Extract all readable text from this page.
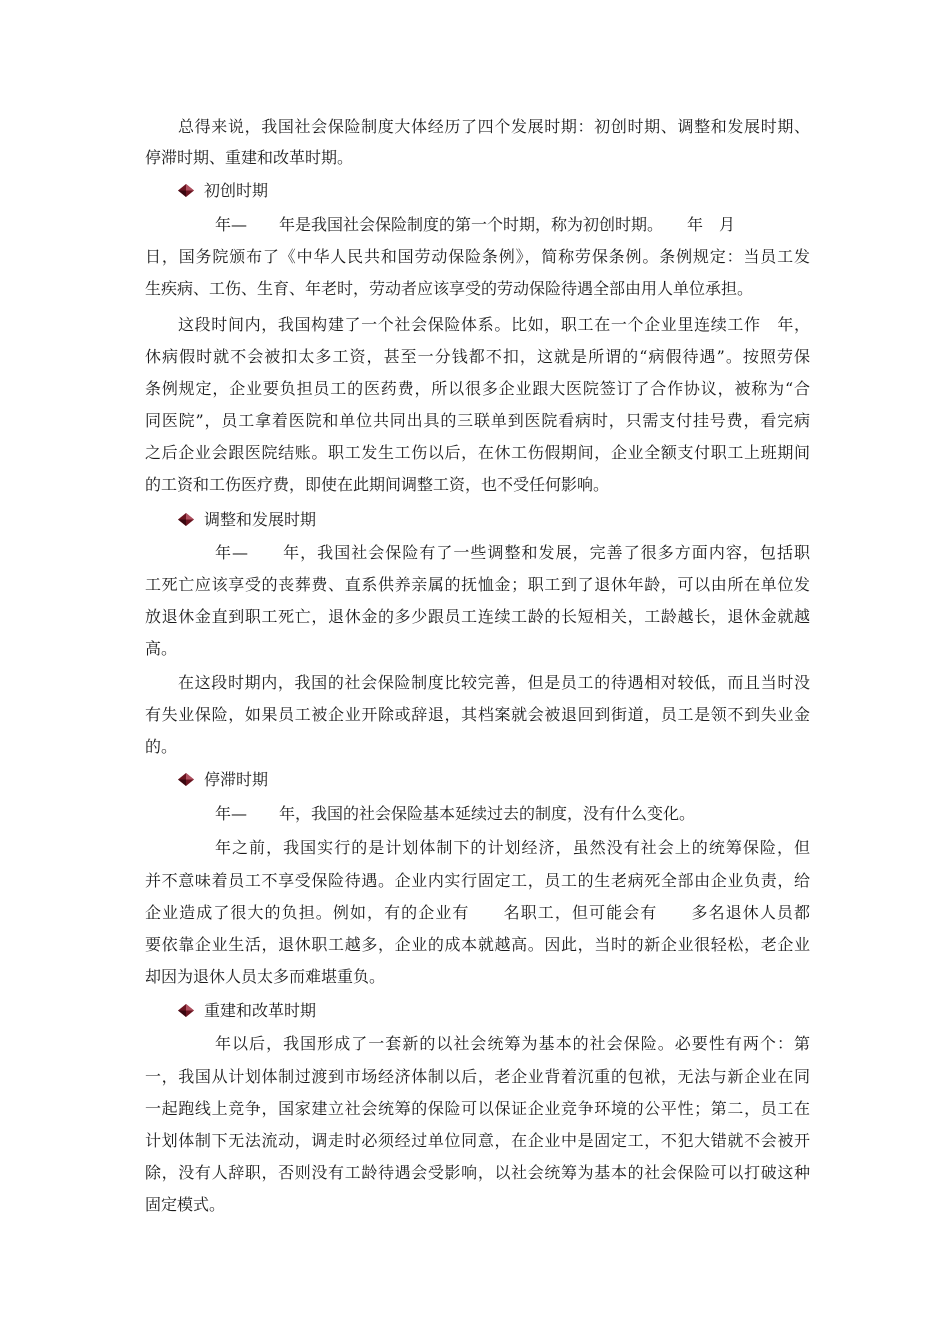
总得来说，我国社会保险制度大体经历了四个发展时期：初创时期、调整和发展时期、
停滞时期、重建和改革时期。
初创时期
年—　　年是我国社会保险制度的第一个时期，称为初创时期。　　年　月
日，国务院颁布了《中华人民共和国劳动保险条例》，简称劳保条例。条例规定：当员工发
生疾病、工伤、生育、年老时，劳动者应该享受的劳动保险待遇全部由用人单位承担。
这段时间内，我国构建了一个社会保险体系。比如，职工在一个企业里连续工作　年，
休病假时就不会被扣太多工资，甚至一分钱都不扣，这就是所谓的“病假待遇”。按照劳保
条例规定，企业要负担员工的医药费，所以很多企业跟大医院签订了合作协议，被称为“合
同医院”，员工拿着医院和单位共同出具的三联单到医院看病时，只需支付挂号费，看完病
之后企业会跟医院结账。职工发生工伤以后，在休工伤假期间，企业全额支付职工上班期间
的工资和工伤医疗费，即使在此期间调整工资，也不受任何影响。
调整和发展时期
年—　　年，我国社会保险有了一些调整和发展，完善了很多方面内容，包括职
工死亡应该享受的丧葬费、直系供养亲属的抚恤金；职工到了退休年龄，可以由所在单位发
放退休金直到职工死亡，退休金的多少跟员工连续工龄的长短相关，工龄越长，退休金就越
高。
在这段时期内，我国的社会保险制度比较完善，但是员工的待遇相对较低，而且当时没
有失业保险，如果员工被企业开除或辞退，其档案就会被退回到街道，员工是领不到失业金
的。
停滞时期
年—　　年，我国的社会保险基本延续过去的制度，没有什么变化。
年之前，我国实行的是计划体制下的计划经济，虽然没有社会上的统筹保险，但
并不意味着员工不享受保险待遇。企业内实行固定工，员工的生老病死全部由企业负责，给
企业造成了很大的负担。例如，有的企业有　　名职工，但可能会有　　多名退休人员都
要依靠企业生活，退休职工越多，企业的成本就越高。因此，当时的新企业很轻松，老企业
却因为退休人员太多而难堪重负。
重建和改革时期
年以后，我国形成了一套新的以社会统筹为基本的社会保险。必要性有两个：第
一，我国从计划体制过渡到市场经济体制以后，老企业背着沉重的包袱，无法与新企业在同
一起跑线上竞争，国家建立社会统筹的保险可以保证企业竞争环境的公平性；第二，员工在
计划体制下无法流动，调走时必须经过单位同意，在企业中是固定工，不犯大错就不会被开
除，没有人辞职，否则没有工龄待遇会受影响，以社会统筹为基本的社会保险可以打破这种
固定模式。
